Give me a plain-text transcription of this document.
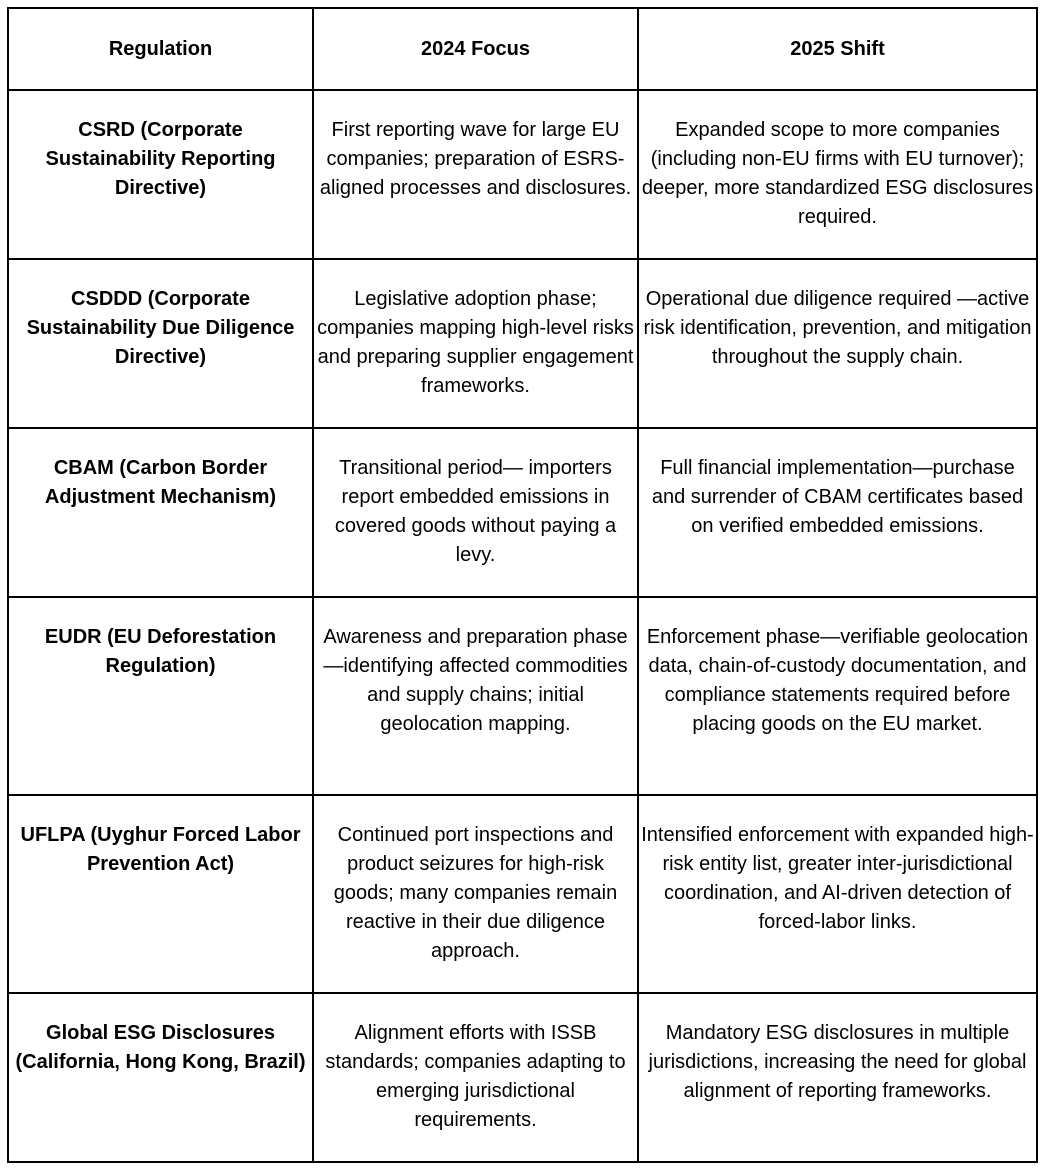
Regulation	2024 Focus	2025 Shift
CSRD (Corporate Sustainability Reporting Directive)	First reporting wave for large EU companies; preparation of ESRS-aligned processes and disclosures.	Expanded scope to more companies (including non-EU firms with EU turnover); deeper, more standardized ESG disclosures required.
CSDDD (Corporate Sustainability Due Diligence Directive)	Legislative adoption phase; companies mapping high-level risks and preparing supplier engagement frameworks.	Operational due diligence required —active risk identification, prevention, and mitigation throughout the supply chain.
CBAM (Carbon Border Adjustment Mechanism)	Transitional period— importers report embedded emissions in covered goods without paying a levy.	Full financial implementation—purchase and surrender of CBAM certificates based on verified embedded emissions.
EUDR (EU Deforestation Regulation)	Awareness and preparation phase—identifying affected commodities and supply chains; initial geolocation mapping.	Enforcement phase—verifiable geolocation data, chain-of-custody documentation, and compliance statements required before placing goods on the EU market.
UFLPA (Uyghur Forced Labor Prevention Act)	Continued port inspections and product seizures for high-risk goods; many companies remain reactive in their due diligence approach.	Intensified enforcement with expanded high-risk entity list, greater inter-jurisdictional coordination, and AI-driven detection of forced-labor links.
Global ESG Disclosures (California, Hong Kong, Brazil)	Alignment efforts with ISSB standards; companies adapting to emerging jurisdictional requirements.	Mandatory ESG disclosures in multiple jurisdictions, increasing the need for global alignment of reporting frameworks.
